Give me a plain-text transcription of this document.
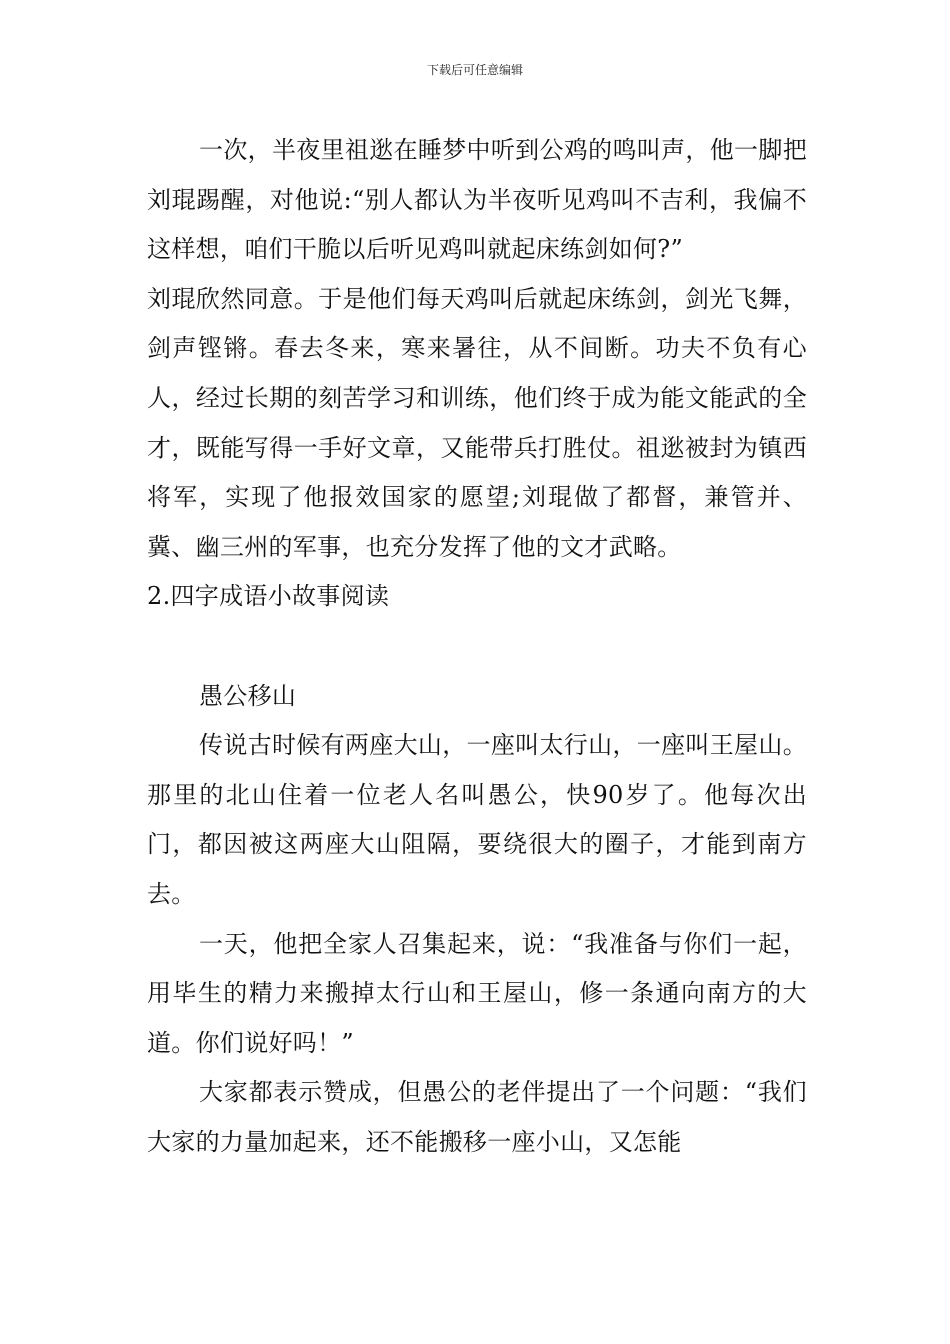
下载后可任意编辑

一次，半夜里祖逖在睡梦中听到公鸡的鸣叫声，他一脚把刘琨踢醒，对他说:“别人都认为半夜听见鸡叫不吉利，我偏不这样想，咱们干脆以后听见鸡叫就起床练剑如何?”

刘琨欣然同意。于是他们每天鸡叫后就起床练剑，剑光飞舞，剑声铿锵。春去冬来，寒来暑往，从不间断。功夫不负有心人，经过长期的刻苦学习和训练，他们终于成为能文能武的全才，既能写得一手好文章，又能带兵打胜仗。祖逖被封为镇西将军，实现了他报效国家的愿望;刘琨做了都督，兼管并、冀、幽三州的军事，也充分发挥了他的文才武略。

2.四字成语小故事阅读

愚公移山

传说古时候有两座大山，一座叫太行山，一座叫王屋山。那里的北山住着一位老人名叫愚公，快90岁了。他每次出门，都因被这两座大山阻隔，要绕很大的圈子，才能到南方去。

一天，他把全家人召集起来，说：“我准备与你们一起，用毕生的精力来搬掉太行山和王屋山，修一条通向南方的大道。你们说好吗！”

大家都表示赞成，但愚公的老伴提出了一个问题：“我们大家的力量加起来，还不能搬移一座小山，又怎能
